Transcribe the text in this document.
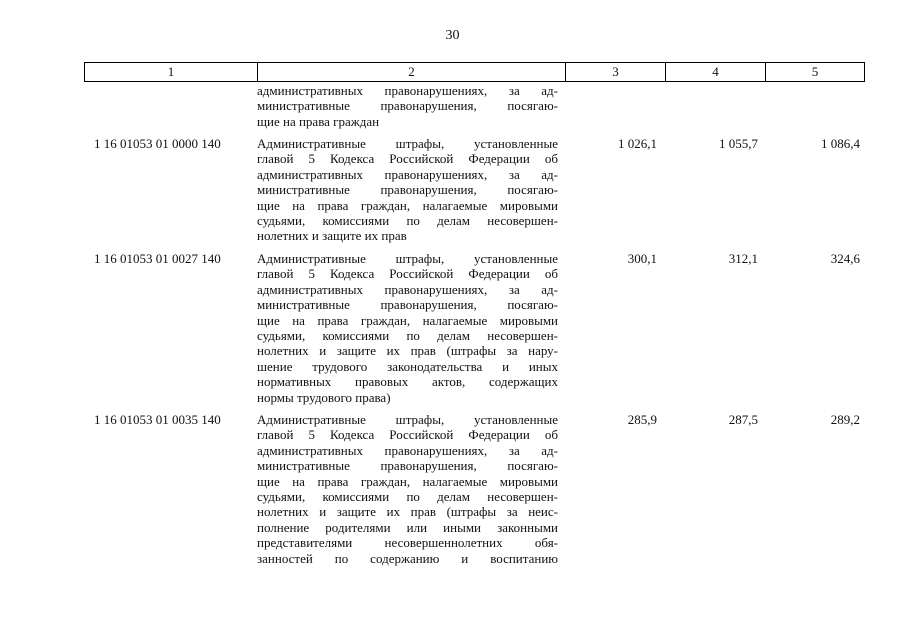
30
1	2	3	4	5
административных правонарушениях, за ад-
министративные правонарушения, посягаю-
щие на права граждан
1 16 01053 01 0000 140	Административные штрафы, установленные
главой 5 Кодекса Российской Федерации об
административных правонарушениях, за ад-
министративные правонарушения, посягаю-
щие на права граждан, налагаемые мировыми
судьями, комиссиями по делам несовершен-
нолетних и защите их прав
1 026,1	1 055,7	1 086,4
1 16 01053 01 0027 140	Административные штрафы, установленные
главой 5 Кодекса Российской Федерации об
административных правонарушениях, за ад-
министративные правонарушения, посягаю-
щие на права граждан, налагаемые мировыми
судьями, комиссиями по делам несовершен-
нолетних и защите их прав (штрафы за нару-
шение трудового законодательства и иных
нормативных правовых актов, содержащих
нормы трудового права)
300,1	312,1	324,6
1 16 01053 01 0035 140	Административные штрафы, установленные
главой 5 Кодекса Российской Федерации об
административных правонарушениях, за ад-
министративные правонарушения, посягаю-
щие на права граждан, налагаемые мировыми
судьями, комиссиями по делам несовершен-
нолетних и защите их прав (штрафы за неис-
полнение родителями или иными законными
представителями несовершеннолетних обя-
занностей по содержанию и воспитанию
285,9	287,5	289,2
